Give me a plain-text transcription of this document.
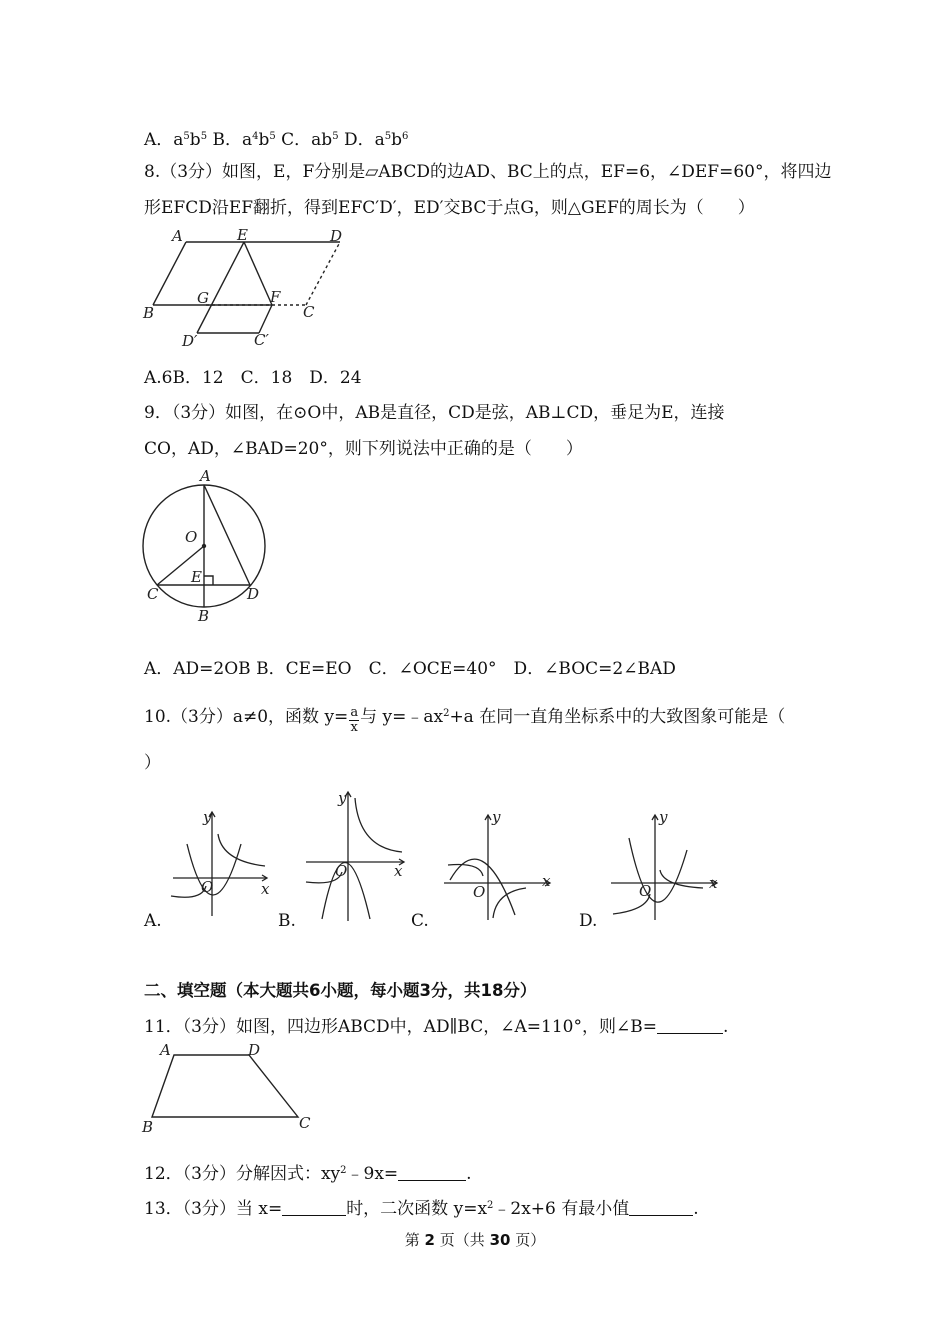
A．$a^5b^5$ B．$a^4b^5$ C．$ab^5$ D．$a^5b^6$
8.（3分）如图，E，F分别是▱ABCD的边AD、BC上的点，EF=6，∠DEF=60°，将四边
形EFCD沿EF翻折，得到EFC′D′，ED′交BC于点G，则△GEF的周长为（　　）
A	E	D
B
G	F
C
D′	C′
A.6B．12　C．18　D．24
9．（3分）如图，在⊙O中，AB是直径，CD是弦，AB⊥CD，垂足为E，连接
CO，AD，∠BAD=20°，则下列说法中正确的是（　　）
A
O
E
C	D
B
A．AD=2OB B．CE=EO　C．∠OCE=40°　D．∠BOC=2∠BAD
10.（3分）a≠0，函数 $y= \frac{a}{x}$ 与 $y=﹣ax^2+a$ 在同一直角坐标系中的大致图象可能是（
）
O	x
y
A.
O	x
y
B.
O
x
y
C.
O	x
y
D.
二、填空题（本大题共6小题，每小题3分，共18分）
11．（3分）如图，四边形ABCD中，AD∥BC，∠A=110°，则∠B=	.
A	D
B	C
12．（3分）分解因式：$xy^2﹣9x=$	.
13．（3分）当 x=	时，二次函数 $y=x^2﹣2x+6$ 有最小值	.
第 2 页（共 30 页）
